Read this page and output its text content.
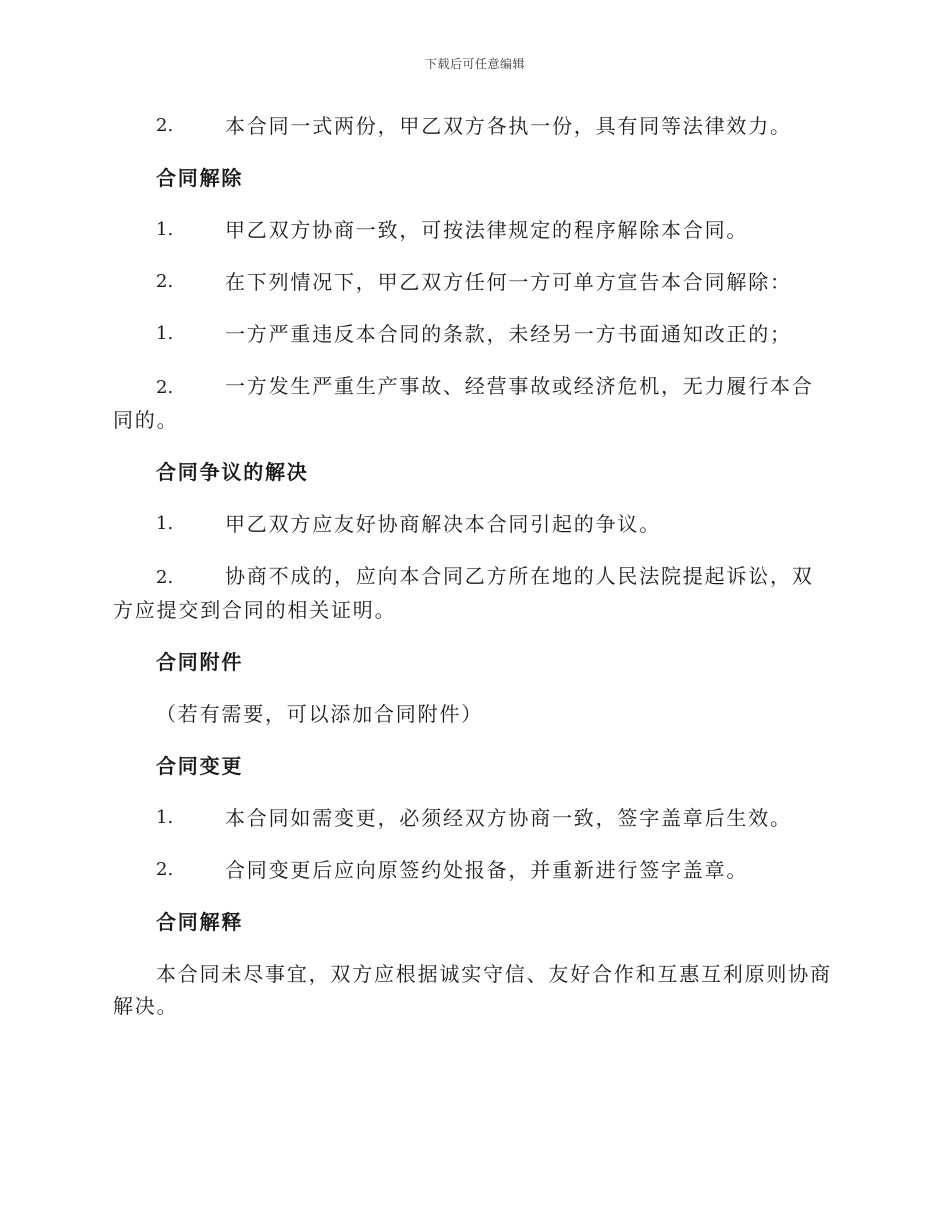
下载后可任意编辑
2.	本合同一式两份，甲乙双方各执一份，具有同等法律效力。
合同解除
1.	甲乙双方协商一致，可按法律规定的程序解除本合同。
2.	在下列情况下，甲乙双方任何一方可单方宣告本合同解除：
1.	一方严重违反本合同的条款，未经另一方书面通知改正的；
2.	一方发生严重生产事故、经营事故或经济危机，无力履行本合同的。
合同争议的解决
1.	甲乙双方应友好协商解决本合同引起的争议。
2.	协商不成的，应向本合同乙方所在地的人民法院提起诉讼，双方应提交到合同的相关证明。
合同附件
（若有需要，可以添加合同附件）
合同变更
1.	本合同如需变更，必须经双方协商一致，签字盖章后生效。
2.	合同变更后应向原签约处报备，并重新进行签字盖章。
合同解释
本合同未尽事宜，双方应根据诚实守信、友好合作和互惠互利原则协商解决。
